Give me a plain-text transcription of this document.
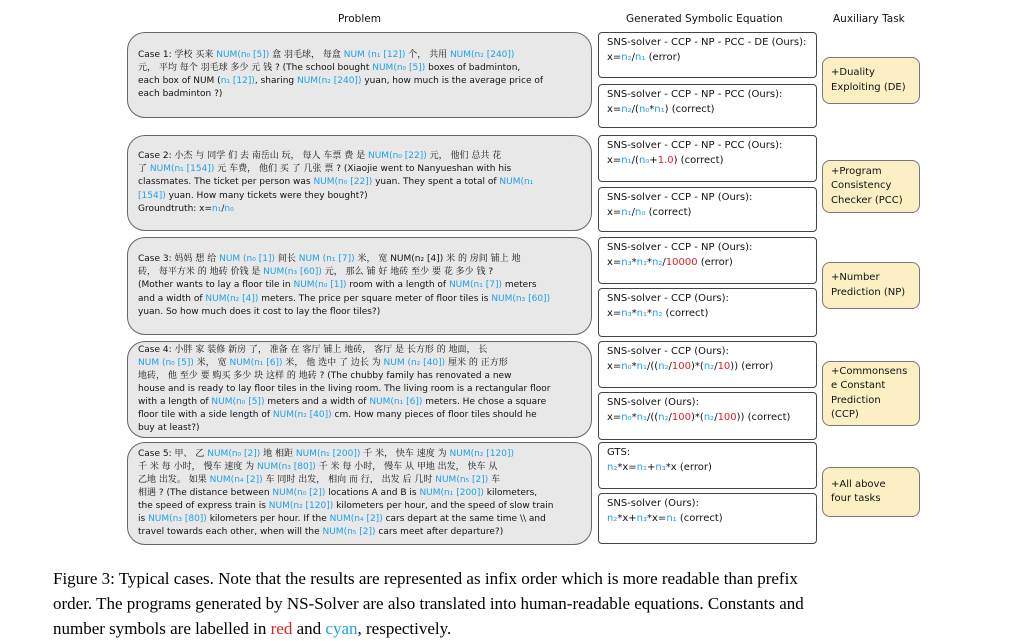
Problem	Generated Symbolic Equation	Auxiliary Task
Case 1: 学校 买来 NUM(n₀ [5]) 盒 羽毛球， 每盒 NUM (n₁ [12]) 个， 共用 NUM(n₂ [240])
元， 平均 每个 羽毛球 多少 元 钱 ? (The school bought NUM(n₀ [5]) boxes of badminton,
each box of NUM (n₁ [12]), sharing NUM(n₂ [240]) yuan, how much is the average price of
each badminton ?)
Case 2: 小杰 与 同学 们 去 南岳山 玩， 每人 车票 费 是 NUM(n₀ [22]) 元， 他们 总共 花
了 NUM(n₁ [154]) 元 车费， 他们 买 了 几张 票 ? (Xiaojie went to Nanyueshan with his
classmates. The ticket per person was NUM(n₀ [22]) yuan. They spent a total of NUM(n₁
[154]) yuan. How many tickets were they bought?)
Groundtruth: x=n₁/n₀
Case 3: 妈妈 想 给 NUM (n₀ [1]) 间长 NUM (n₁ [7]) 米， 宽 NUM(n₂ [4]) 米 的 房间 铺上 地
砖， 每平方米 的 地砖 价钱 是 NUM(n₃ [60]) 元， 那么 铺 好 地砖 至少 要 花 多少 钱 ?
(Mother wants to lay a floor tile in NUM(n₀ [1]) room with a length of NUM(n₁ [7]) meters
and a width of NUM(n₂ [4]) meters. The price per square meter of floor tiles is NUM(n₃ [60])
yuan. So how much does it cost to lay the floor tiles?)
Case 4: 小胖 家 装修 新房 了， 准备 在 客厅 铺上 地砖， 客厅 是 长方形 的 地面， 长
NUM (n₀ [5]) 米， 宽 NUM(n₁ [6]) 米， 他 选中 了 边长 为 NUM (n₂ [40]) 厘米 的 正方形
地砖， 他 至少 要 购买 多少 块 这样 的 地砖 ? (The chubby family has renovated a new
house and is ready to lay floor tiles in the living room. The living room is a rectangular floor
with a length of NUM(n₀ [5]) meters and a width of NUM(n₁ [6]) meters. He chose a square
floor tile with a side length of NUM(n₂ [40]) cm. How many pieces of floor tiles should he
buy at least?)
Case 5: 甲、 乙 NUM(n₀ [2]) 地 相距 NUM(n₁ [200]) 千 米， 快车 速度 为 NUM(n₂ [120])
千 米 每 小时， 慢车 速度 为 NUM(n₃ [80]) 千 米 每 小时， 慢车 从 甲地 出发， 快车 从
乙地 出发。 如果 NUM(n₄ [2]) 车 同时 出发， 相向 而 行， 出发 后 几时 NUM(n₅ [2]) 车
相遇 ? (The distance between NUM(n₀ [2]) locations A and B is NUM(n₁ [200]) kilometers,
the speed of express train is NUM(n₂ [120]) kilometers per hour, and the speed of slow train
is NUM(n₃ [80]) kilometers per hour. If the NUM(n₄ [2]) cars depart at the same time \\ and
travel towards each other, when will the NUM(n₅ [2]) cars meet after departure?)
SNS-solver - CCP - NP - PCC - DE (Ours):
x=n₂/n₁ (error)
SNS-solver - CCP - NP - PCC (Ours):
x=n₂/(n₀*n₁) (correct)
SNS-solver - CCP - NP - PCC (Ours):
x=n₁/(n₀+1.0) (correct)
SNS-solver - CCP - NP (Ours):
x=n₁/n₀ (correct)
SNS-solver - CCP - NP (Ours):
x=n₃*n₁*n₂/10000 (error)
SNS-solver - CCP (Ours):
x=n₃*n₁*n₂ (correct)
SNS-solver - CCP (Ours):
x=n₀*n₁/((n₂/100)*(n₂/10)) (error)
SNS-solver (Ours):
x=n₀*n₁/((n₂/100)*(n₂/100)) (correct)
GTS:
n₂*x=n₁+n₃*x (error)
SNS-solver (Ours):
n₂*x+n₃*x=n₁ (correct)
+Duality
Exploiting (DE)
+Program
Consistency
Checker (PCC)
+Number
Prediction (NP)
+Commonsens
e Constant
Prediction
(CCP)
+All above
four tasks
Figure 3: Typical cases. Note that the results are represented as infix order which is more readable than prefix
order. The programs generated by NS-Solver are also translated into human-readable equations. Constants and
number symbols are labelled in red and cyan, respectively.
